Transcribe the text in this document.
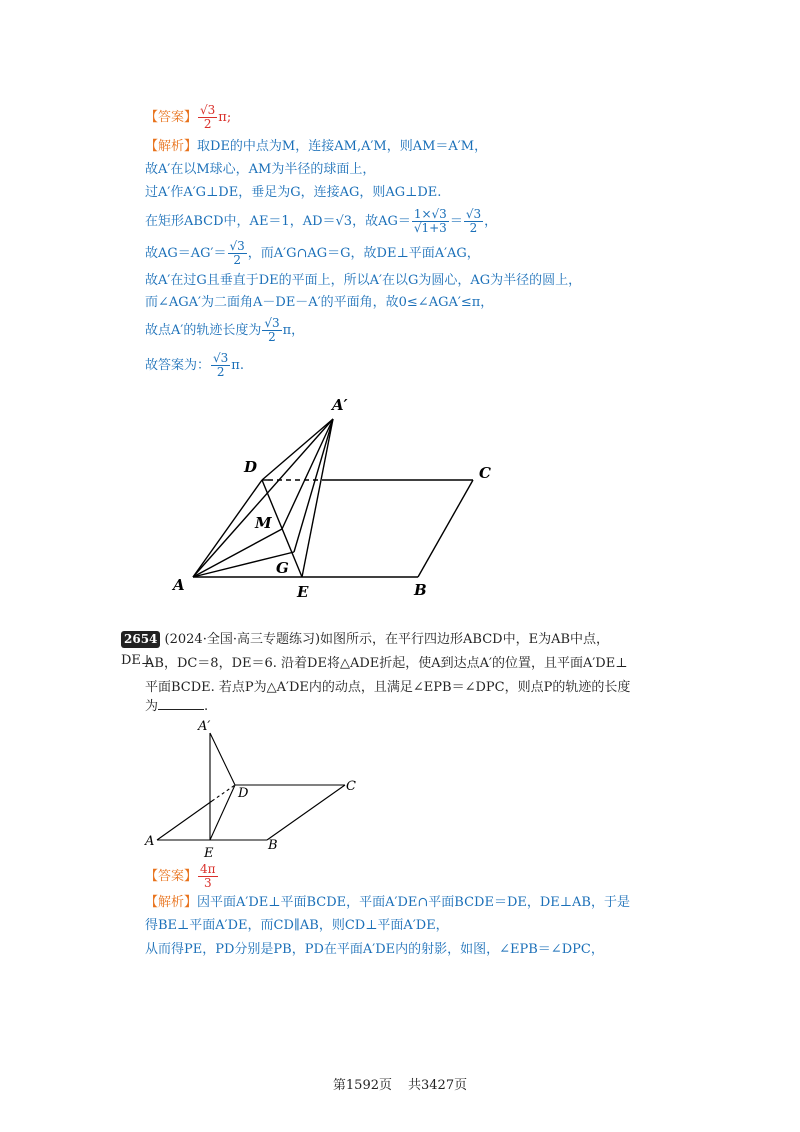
【答案】 $\frac{√3}{2} \pi$;
【解析】取DE的中点为M，连接AM,A′M，则AM＝A′M，
故A′在以M球心，AM为半径的球面上，
过A′作A′G⊥DE，垂足为G，连接AG，则AG⊥DE.
在矩形ABCD中，AE＝1，AD＝√3，故$AG= \frac{1\times√3}{√1+3} = \frac{√3}{2}$ ，
故$AG=AG'= \frac{√3}{2}$ ，而A′G∩AG＝G，故DE⊥平面A′AG，
故A′在过G且垂直于DE的平面上，所以A′在以G为圆心，AG为半径的圆上，
而∠AGA′为二面角A－DE－A′的平面角，故0≤∠AGA′≤π，
故点A′的轨迹长度为 $\frac{√3}{2}$ π，
故答案为： $\frac{√3}{2} \pi$.
A′
D	C
M
G
A	E	B
2654 (2024·全国·高三专题练习)如图所示，在平行四边形ABCD中，E为AB中点，DE⊥
AB，DC＝8，DE＝6. 沿着DE将△ADE折起，使A到达点A′的位置，且平面A′DE⊥
平面BCDE. 若点P为△A′DE内的动点，且满足∠EPB＝∠DPC，则点P的轨迹的长度
为	.
A′
D	C
A
E
B
【答案】 $\frac{4\pi}{3}$
【解析】因平面A′DE⊥平面BCDE，平面A′DE∩平面BCDE＝DE，DE⊥AB，于是
得BE⊥平面A′DE，而CD∥AB，则CD⊥平面A′DE，
从而得PE，PD分别是PB，PD在平面A′DE内的射影，如图，∠EPB＝∠DPC，
第1592页 共3427页
